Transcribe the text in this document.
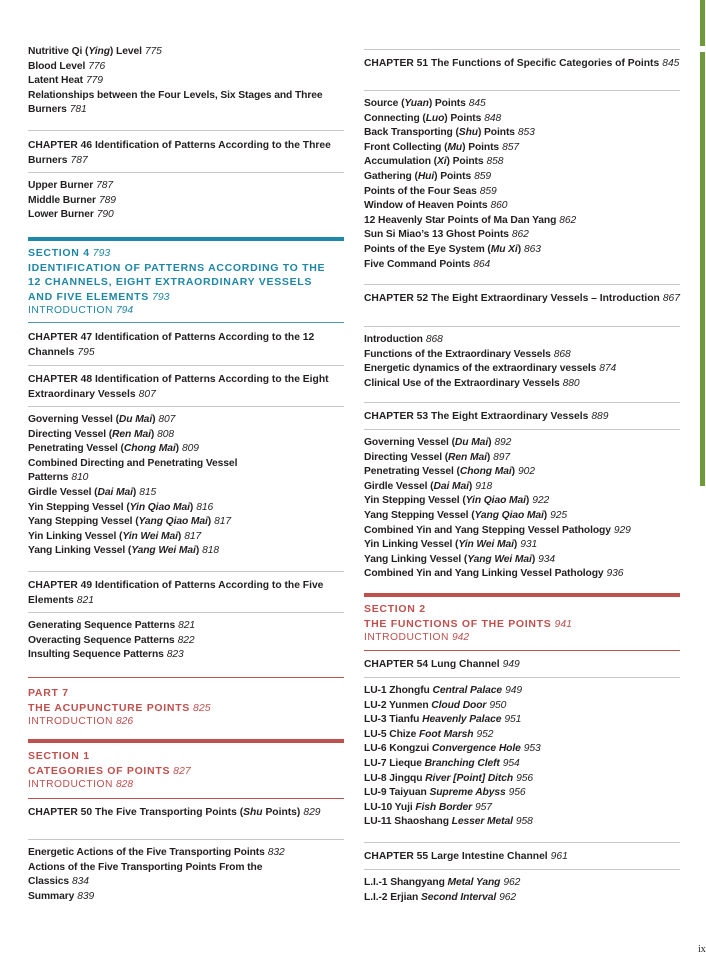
Nutritive Qi (Ying) Level 775
Blood Level 776
Latent Heat 779
Relationships between the Four Levels, Six Stages and Three Burners 781
CHAPTER 46 Identification of Patterns According to the Three Burners 787
Upper Burner 787
Middle Burner 789
Lower Burner 790
SECTION 4 793
IDENTIFICATION OF PATTERNS ACCORDING TO THE 12 CHANNELS, EIGHT EXTRAORDINARY VESSELS AND FIVE ELEMENTS 793
INTRODUCTION 794
CHAPTER 47 Identification of Patterns According to the 12 Channels 795
CHAPTER 48 Identification of Patterns According to the Eight Extraordinary Vessels 807
Governing Vessel (Du Mai) 807
Directing Vessel (Ren Mai) 808
Penetrating Vessel (Chong Mai) 809
Combined Directing and Penetrating Vessel Patterns 810
Girdle Vessel (Dai Mai) 815
Yin Stepping Vessel (Yin Qiao Mai) 816
Yang Stepping Vessel (Yang Qiao Mai) 817
Yin Linking Vessel (Yin Wei Mai) 817
Yang Linking Vessel (Yang Wei Mai) 818
CHAPTER 49 Identification of Patterns According to the Five Elements 821
Generating Sequence Patterns 821
Overacting Sequence Patterns 822
Insulting Sequence Patterns 823
PART 7
THE ACUPUNCTURE POINTS 825
INTRODUCTION 826
SECTION 1
CATEGORIES OF POINTS 827
INTRODUCTION 828
CHAPTER 50 The Five Transporting Points (Shu Points) 829
Energetic Actions of the Five Transporting Points 832
Actions of the Five Transporting Points From the Classics 834
Summary 839
CHAPTER 51 The Functions of Specific Categories of Points 845
Source (Yuan) Points 845
Connecting (Luo) Points 848
Back Transporting (Shu) Points 853
Front Collecting (Mu) Points 857
Accumulation (Xi) Points 858
Gathering (Hui) Points 859
Points of the Four Seas 859
Window of Heaven Points 860
12 Heavenly Star Points of Ma Dan Yang 862
Sun Si Miao’s 13 Ghost Points 862
Points of the Eye System (Mu Xi) 863
Five Command Points 864
CHAPTER 52 The Eight Extraordinary Vessels – Introduction 867
Introduction 868
Functions of the Extraordinary Vessels 868
Energetic dynamics of the extraordinary vessels 874
Clinical Use of the Extraordinary Vessels 880
CHAPTER 53 The Eight Extraordinary Vessels 889
Governing Vessel (Du Mai) 892
Directing Vessel (Ren Mai) 897
Penetrating Vessel (Chong Mai) 902
Girdle Vessel (Dai Mai) 918
Yin Stepping Vessel (Yin Qiao Mai) 922
Yang Stepping Vessel (Yang Qiao Mai) 925
Combined Yin and Yang Stepping Vessel Pathology 929
Yin Linking Vessel (Yin Wei Mai) 931
Yang Linking Vessel (Yang Wei Mai) 934
Combined Yin and Yang Linking Vessel Pathology 936
SECTION 2
THE FUNCTIONS OF THE POINTS 941
INTRODUCTION 942
CHAPTER 54 Lung Channel 949
LU-1 Zhongfu Central Palace 949
LU-2 Yunmen Cloud Door 950
LU-3 Tianfu Heavenly Palace 951
LU-5 Chize Foot Marsh 952
LU-6 Kongzui Convergence Hole 953
LU-7 Lieque Branching Cleft 954
LU-8 Jingqu River [Point] Ditch 956
LU-9 Taiyuan Supreme Abyss 956
LU-10 Yuji Fish Border 957
LU-11 Shaoshang Lesser Metal 958
CHAPTER 55 Large Intestine Channel 961
L.I.-1 Shangyang Metal Yang 962
L.I.-2 Erjian Second Interval 962
ix
